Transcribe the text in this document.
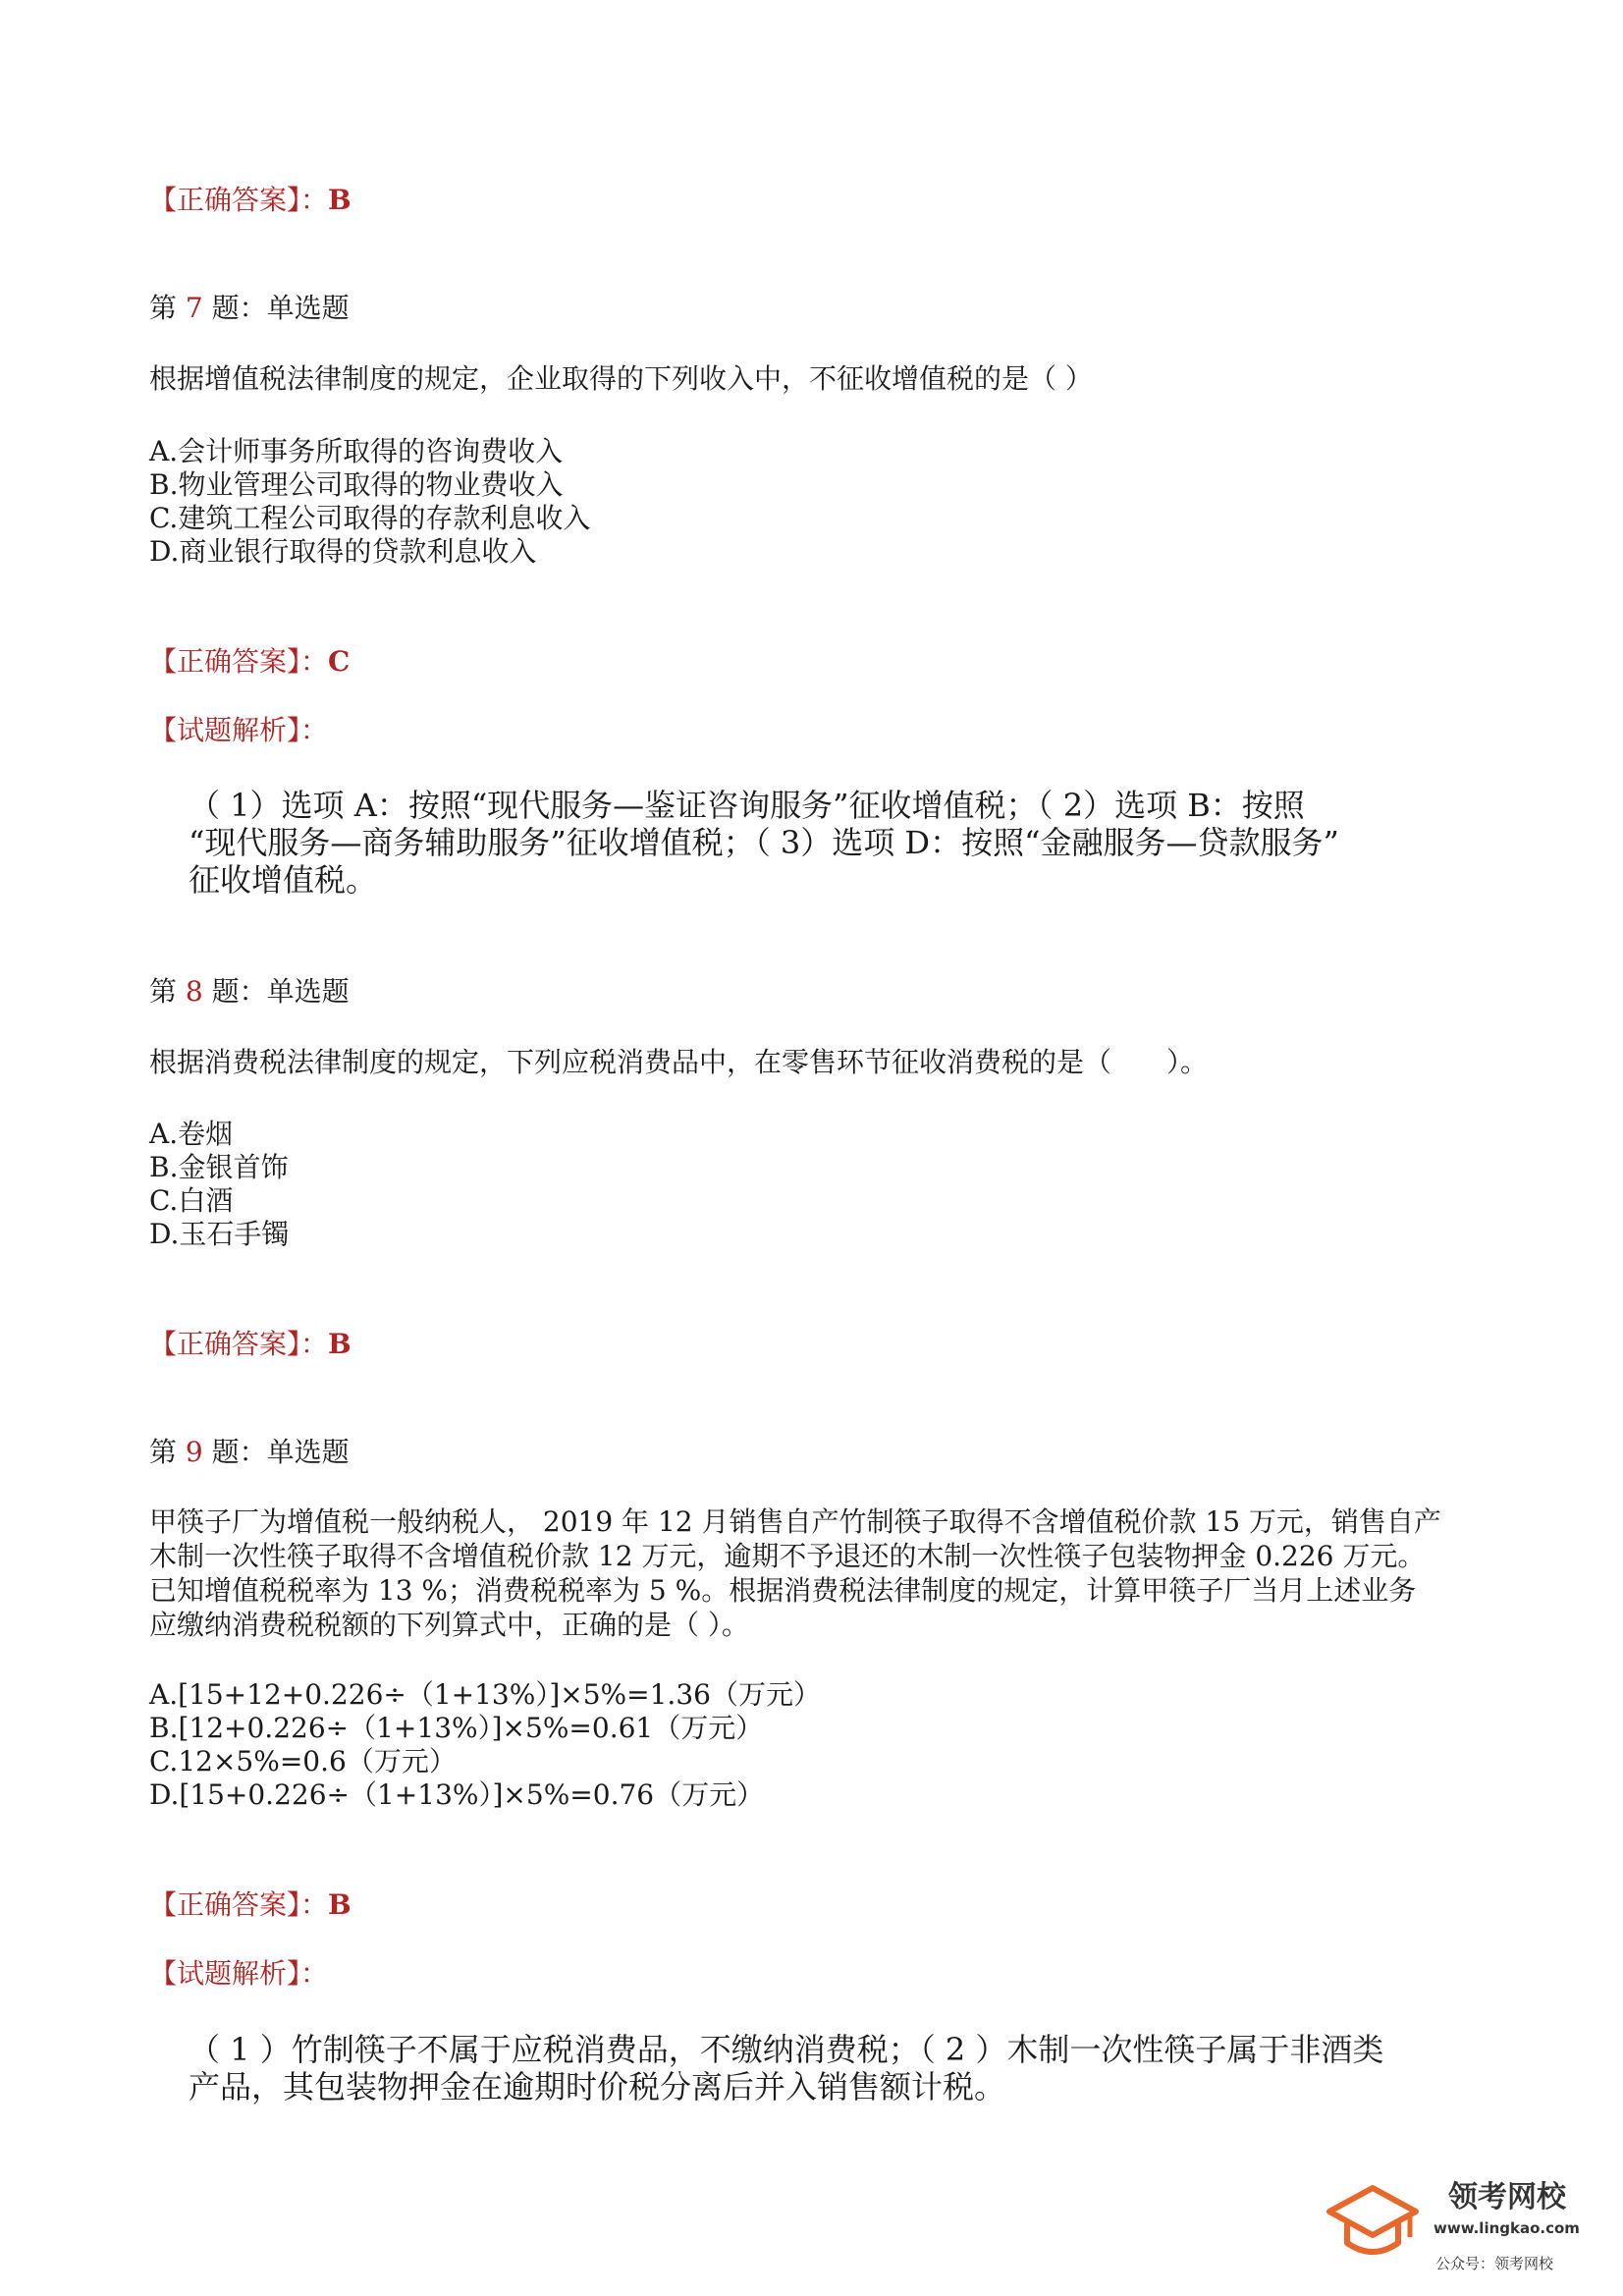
【正确答案】：B
第 7 题：单选题
根据增值税法律制度的规定，企业取得的下列收入中，不征收增值税的是（ ）
A.会计师事务所取得的咨询费收入
B.物业管理公司取得的物业费收入
C.建筑工程公司取得的存款利息收入
D.商业银行取得的贷款利息收入
【正确答案】：C
【试题解析】：
（ 1）选项 A：按照“现代服务—鉴证咨询服务”征收增值税；（ 2）选项 B：按照
“现代服务—商务辅助服务”征收增值税；（ 3）选项 D：按照“金融服务—贷款服务”
征收增值税。
第 8 题：单选题
根据消费税法律制度的规定，下列应税消费品中，在零售环节征收消费税的是（　　）。
A.卷烟
B.金银首饰
C.白酒
D.玉石手镯
【正确答案】：B
第 9 题：单选题
甲筷子厂为增值税一般纳税人， 2019 年 12 月销售自产竹制筷子取得不含增值税价款 15 万元，销售自产
木制一次性筷子取得不含增值税价款 12 万元，逾期不予退还的木制一次性筷子包装物押金 0.226 万元。
已知增值税税率为 13 %；消费税税率为 5 %。根据消费税法律制度的规定，计算甲筷子厂当月上述业务
应缴纳消费税税额的下列算式中，正确的是（ ）。
A.[15+12+0.226÷（1+13%）]×5%=1.36（万元）
B.[12+0.226÷（1+13%）]×5%=0.61（万元）
C.12×5%=0.6（万元）
D.[15+0.226÷（1+13%）]×5%=0.76（万元）
【正确答案】：B
【试题解析】：
（ 1 ）竹制筷子不属于应税消费品，不缴纳消费税；（ 2 ）木制一次性筷子属于非酒类
产品，其包装物押金在逾期时价税分离后并入销售额计税。
领考网校
www.lingkao.com
公众号：领考网校
